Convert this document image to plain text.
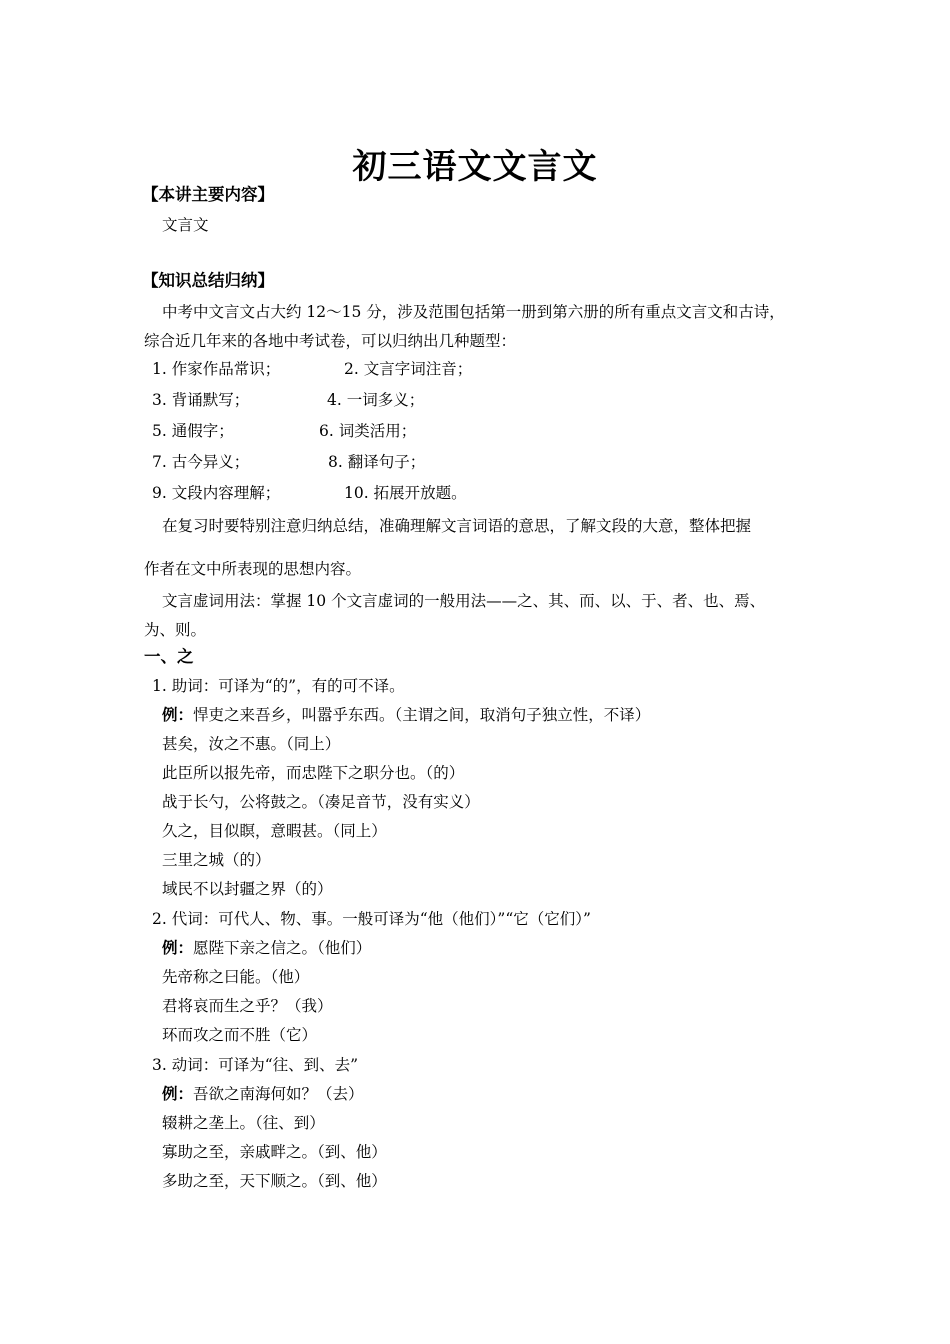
初三语文文言文
【本讲主要内容】
文言文
【知识总结归纳】
中考中文言文占大约 12～15 分，涉及范围包括第一册到第六册的所有重点文言文和古诗，
综合近几年来的各地中考试卷，可以归纳出几种题型：
1. 作家作品常识；	2. 文言字词注音；
3. 背诵默写；	4. 一词多义；
5. 通假字；	6. 词类活用；
7. 古今异义；	8. 翻译句子；
9. 文段内容理解；	10. 拓展开放题。
在复习时要特别注意归纳总结，准确理解文言词语的意思，了解文段的大意，整体把握
作者在文中所表现的思想内容。
文言虚词用法：掌握 10 个文言虚词的一般用法——之、其、而、以、于、者、也、焉、
为、则。
一、之
1. 助词：可译为“的”，有的可不译。
例：悍吏之来吾乡，叫嚣乎东西。（主谓之间，取消句子独立性，不译）
甚矣，汝之不惠。（同上）
此臣所以报先帝，而忠陛下之职分也。（的）
战于长勺，公将鼓之。（凑足音节，没有实义）
久之，目似瞑，意暇甚。（同上）
三里之城（的）
域民不以封疆之界（的）
2. 代词：可代人、物、事。一般可译为“他（他们）”“它（它们）”
例：愿陛下亲之信之。（他们）
先帝称之曰能。（他）
君将哀而生之乎？（我）
环而攻之而不胜（它）
3. 动词：可译为“往、到、去”
例：吾欲之南海何如？（去）
辍耕之垄上。（往、到）
寡助之至，亲戚畔之。（到、他）
多助之至，天下顺之。（到、他）
